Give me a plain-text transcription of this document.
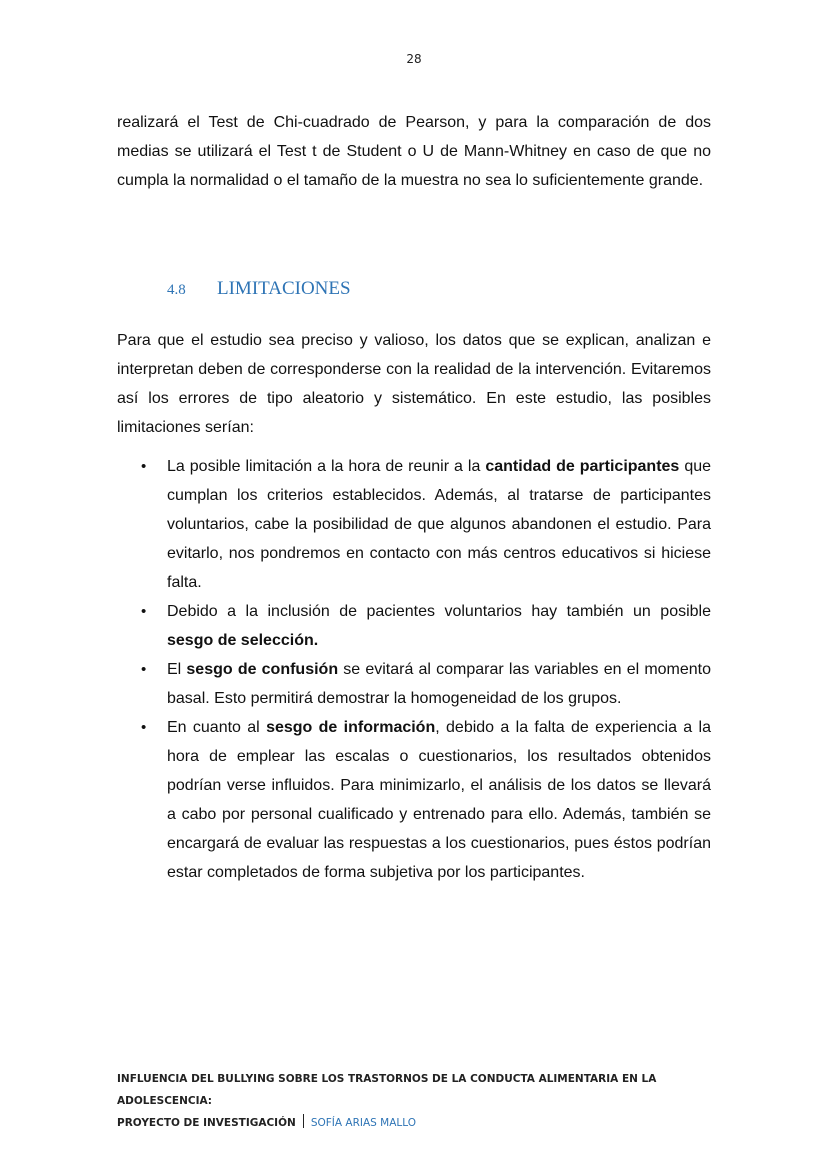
28

realizará el Test de Chi-cuadrado de Pearson, y para la comparación de dos medias se utilizará el Test t de Student o U de Mann-Whitney en caso de que no cumpla la normalidad o el tamaño de la muestra no sea lo suficientemente grande.

4.8 LIMITACIONES

Para que el estudio sea preciso y valioso, los datos que se explican, analizan e interpretan deben de corresponderse con la realidad de la intervención. Evitaremos así los errores de tipo aleatorio y sistemático. En este estudio, las posibles limitaciones serían:

• La posible limitación a la hora de reunir a la cantidad de participantes que cumplan los criterios establecidos. Además, al tratarse de participantes voluntarios, cabe la posibilidad de que algunos abandonen el estudio. Para evitarlo, nos pondremos en contacto con más centros educativos si hiciese falta.
• Debido a la inclusión de pacientes voluntarios hay también un posible sesgo de selección.
• El sesgo de confusión se evitará al comparar las variables en el momento basal. Esto permitirá demostrar la homogeneidad de los grupos.
• En cuanto al sesgo de información, debido a la falta de experiencia a la hora de emplear las escalas o cuestionarios, los resultados obtenidos podrían verse influidos. Para minimizarlo, el análisis de los datos se llevará a cabo por personal cualificado y entrenado para ello. Además, también se encargará de evaluar las respuestas a los cuestionarios, pues éstos podrían estar completados de forma subjetiva por los participantes.
INFLUENCIA DEL BULLYING SOBRE LOS TRASTORNOS DE LA CONDUCTA ALIMENTARIA EN LA ADOLESCENCIA:
PROYECTO DE INVESTIGACIÓN SOFÍA ARIAS MALLO
